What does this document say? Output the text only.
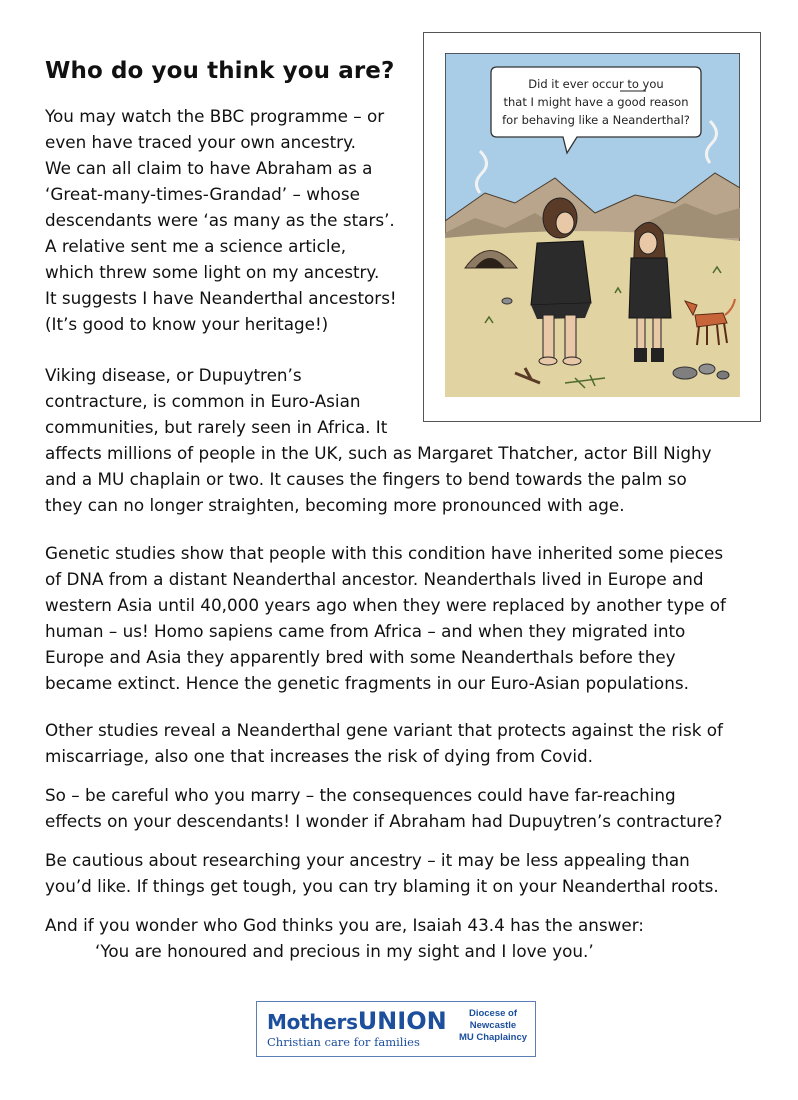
Who do you think you are?

You may watch the BBC programme – or
even have traced your own ancestry.
We can all claim to have Abraham as a
‘Great-many-times-Grandad’ – whose
descendants were ‘as many as the stars’.
A relative sent me a science article,
which threw some light on my ancestry.
It suggests I have Neanderthal ancestors!
(It’s good to know your heritage!)

Viking disease, or Dupuytren’s
contracture, is common in Euro-Asian
communities, but rarely seen in Africa. It
affects millions of people in the UK, such as Margaret Thatcher, actor Bill Nighy
and a MU chaplain or two. It causes the fingers to bend towards the palm so
they can no longer straighten, becoming more pronounced with age.

Genetic studies show that people with this condition have inherited some pieces
of DNA from a distant Neanderthal ancestor. Neanderthals lived in Europe and
western Asia until 40,000 years ago when they were replaced by another type of
human – us! Homo sapiens came from Africa – and when they migrated into
Europe and Asia they apparently bred with some Neanderthals before they
became extinct. Hence the genetic fragments in our Euro-Asian populations.

Other studies reveal a Neanderthal gene variant that protects against the risk of
miscarriage, also one that increases the risk of dying from Covid.

So – be careful who you marry – the consequences could have far-reaching
effects on your descendants! I wonder if Abraham had Dupuytren’s contracture?

Be cautious about researching your ancestry – it may be less appealing than
you’d like. If things get tough, you can try blaming it on your Neanderthal roots.

And if you wonder who God thinks you are, Isaiah 43.4 has the answer:
‘You are honoured and precious in my sight and I love you.’

Did it ever occur to you
that I might have a good reason
for behaving like a Neanderthal?
MothersUNION
Christian care for families
Diocese of
Newcastle
MU Chaplaincy
